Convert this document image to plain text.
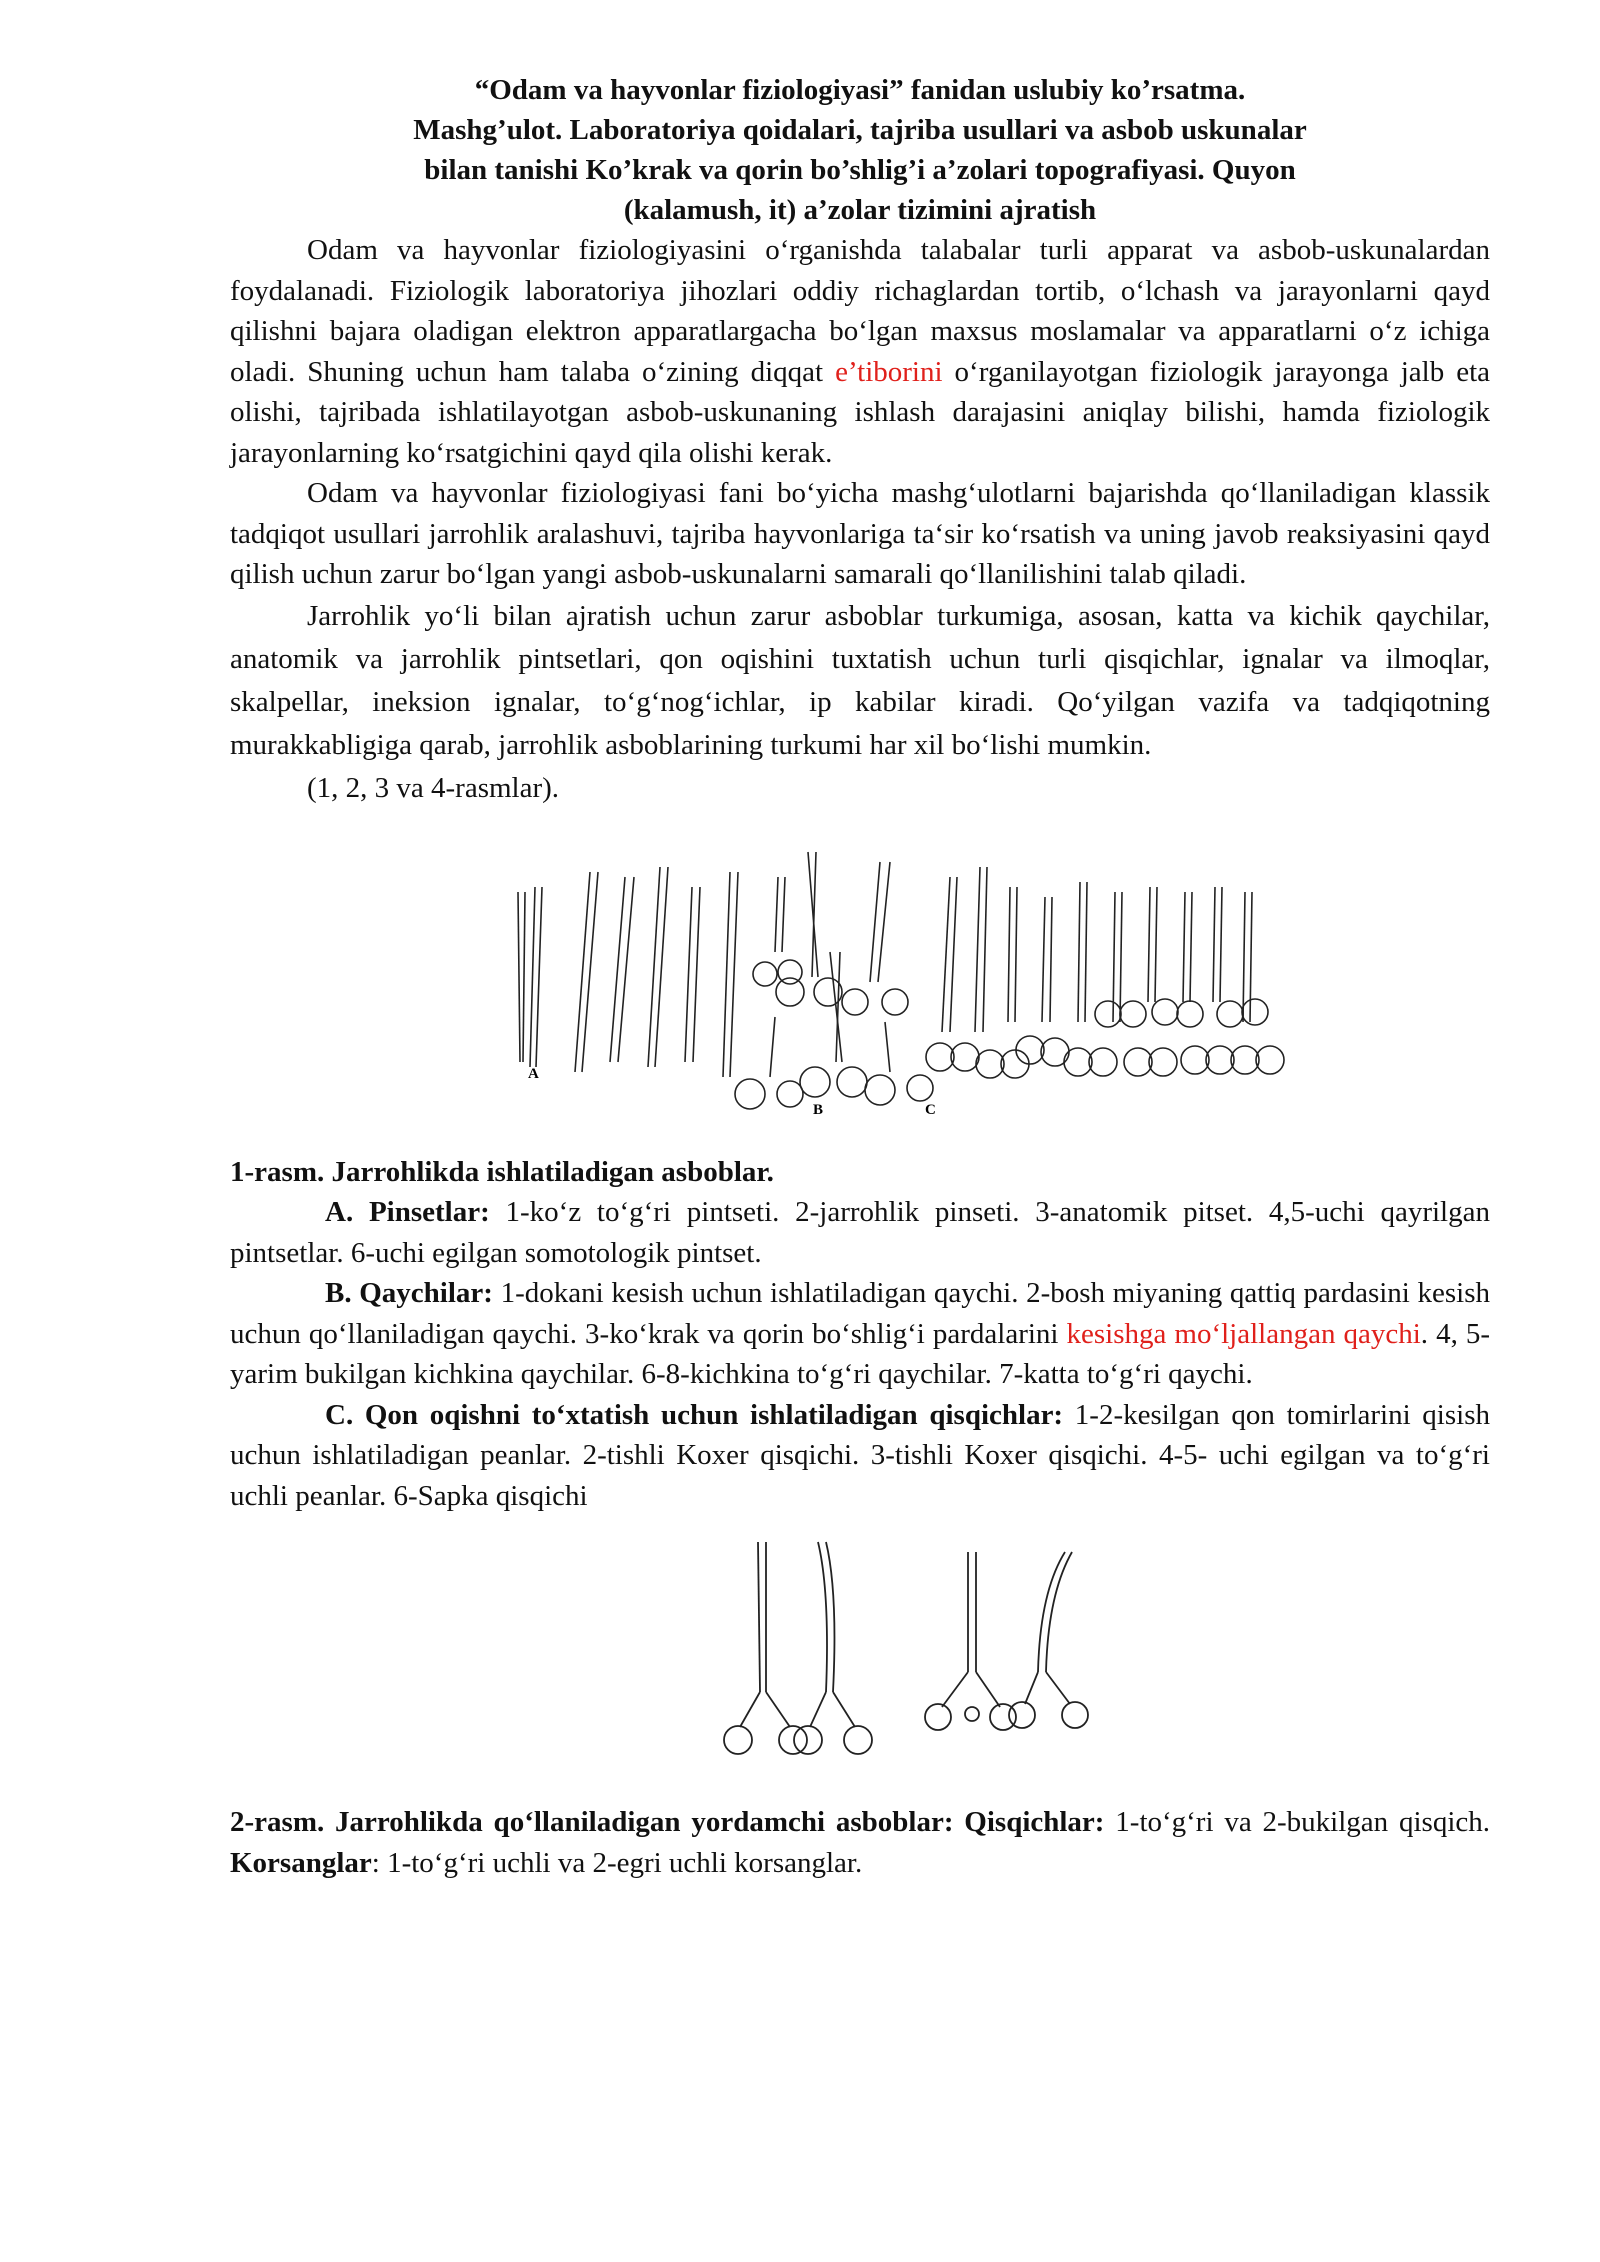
“Odam va hayvonlar fiziologiyasi” fanidan uslubiy ko’rsatma.
Mashg’ulot. Laboratoriya qoidalari, tajriba usullari va asbob uskunalar
bilan tanishi Ko’krak va qorin bo’shlig’i a’zolari topografiyasi. Quyon
(kalamush, it) a’zolar tizimini ajratish

Odam va hayvonlar fiziologiyasini o‘rganishda talabalar turli apparat va asbob-uskunalardan foydalanadi. Fiziologik laboratoriya jihozlari oddiy richaglardan tortib, o‘lchash va jarayonlarni qayd qilishni bajara oladigan elektron apparatlargacha bo‘lgan maxsus moslamalar va apparatlarni o‘z ichiga oladi. Shuning uchun ham talaba o‘zining diqqat e’tiborini o‘rganilayotgan fiziologik jarayonga jalb eta olishi, tajribada ishlatilayotgan asbob-uskunaning ishlash darajasini aniqlay bilishi, hamda fiziologik jarayonlarning ko‘rsatgichini qayd qila olishi kerak.

Odam va hayvonlar fiziologiyasi fani bo‘yicha mashg‘ulotlarni bajarishda qo‘llaniladigan klassik tadqiqot usullari jarrohlik aralashuvi, tajriba hayvonlariga ta‘sir ko‘rsatish va uning javob reaksiyasini qayd qilish uchun zarur bo‘lgan yangi asbob-uskunalarni samarali qo‘llanilishini talab qiladi.

Jarrohlik yo‘li bilan ajratish uchun zarur asboblar turkumiga, asosan, katta va kichik qaychilar, anatomik va jarrohlik pintsetlari, qon oqishini tuxtatish uchun turli qisqichlar, ignalar va ilmoqlar, skalpellar, ineksion ignalar, to‘g‘nog‘ichlar, ip kabilar kiradi. Qo‘yilgan vazifa va tadqiqotning murakkabligiga qarab, jarrohlik asboblarining turkumi har xil bo‘lishi mumkin.

(1, 2, 3 va 4-rasmlar).

A
B	C

1-rasm. Jarrohlikda ishlatiladigan asboblar.

A. Pinsetlar: 1-ko‘z to‘g‘ri pintseti. 2-jarrohlik pinseti. 3-anatomik pitset. 4,5-uchi qayrilgan pintsetlar. 6-uchi egilgan somotologik pintset.

B. Qaychilar: 1-dokani kesish uchun ishlatiladigan qaychi. 2-bosh miyaning qattiq pardasini kesish uchun qo‘llaniladigan qaychi. 3-ko‘krak va qorin bo‘shlig‘i pardalarini kesishga mo‘ljallangan qaychi. 4, 5-yarim bukilgan kichkina qaychilar. 6-8-kichkina to‘g‘ri qaychilar. 7-katta to‘g‘ri qaychi.

C. Qon oqishni to‘xtatish uchun ishlatiladigan qisqichlar: 1-2-kesilgan qon tomirlarini qisish uchun ishlatiladigan peanlar. 2-tishli Koxer qisqichi. 3-tishli Koxer qisqichi. 4-5- uchi egilgan va to‘g‘ri uchli peanlar. 6-Sapka qisqichi

2-rasm. Jarrohlikda qo‘llaniladigan yordamchi asboblar: Qisqichlar: 1-to‘g‘ri va 2-bukilgan qisqich. Korsanglar: 1-to‘g‘ri uchli va 2-egri uchli korsanglar.
